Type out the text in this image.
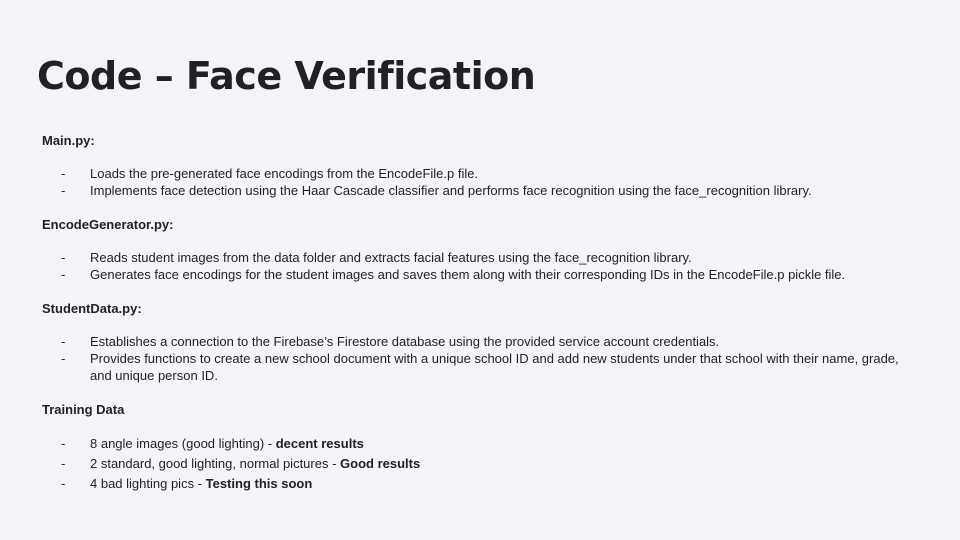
Code – Face Verification

Main.py:

- Loads the pre-generated face encodings from the EncodeFile.p file.
- Implements face detection using the Haar Cascade classifier and performs face recognition using the face_recognition library.

EncodeGenerator.py:

- Reads student images from the data folder and extracts facial features using the face_recognition library.
- Generates face encodings for the student images and saves them along with their corresponding IDs in the EncodeFile.p pickle file.

StudentData.py:

- Establishes a connection to the Firebase’s Firestore database using the provided service account credentials.
- Provides functions to create a new school document with a unique school ID and add new students under that school with their name, grade, and unique person ID.

Training Data

- 8 angle images (good lighting) - decent results
- 2 standard, good lighting, normal pictures - Good results
- 4 bad lighting pics - Testing this soon
